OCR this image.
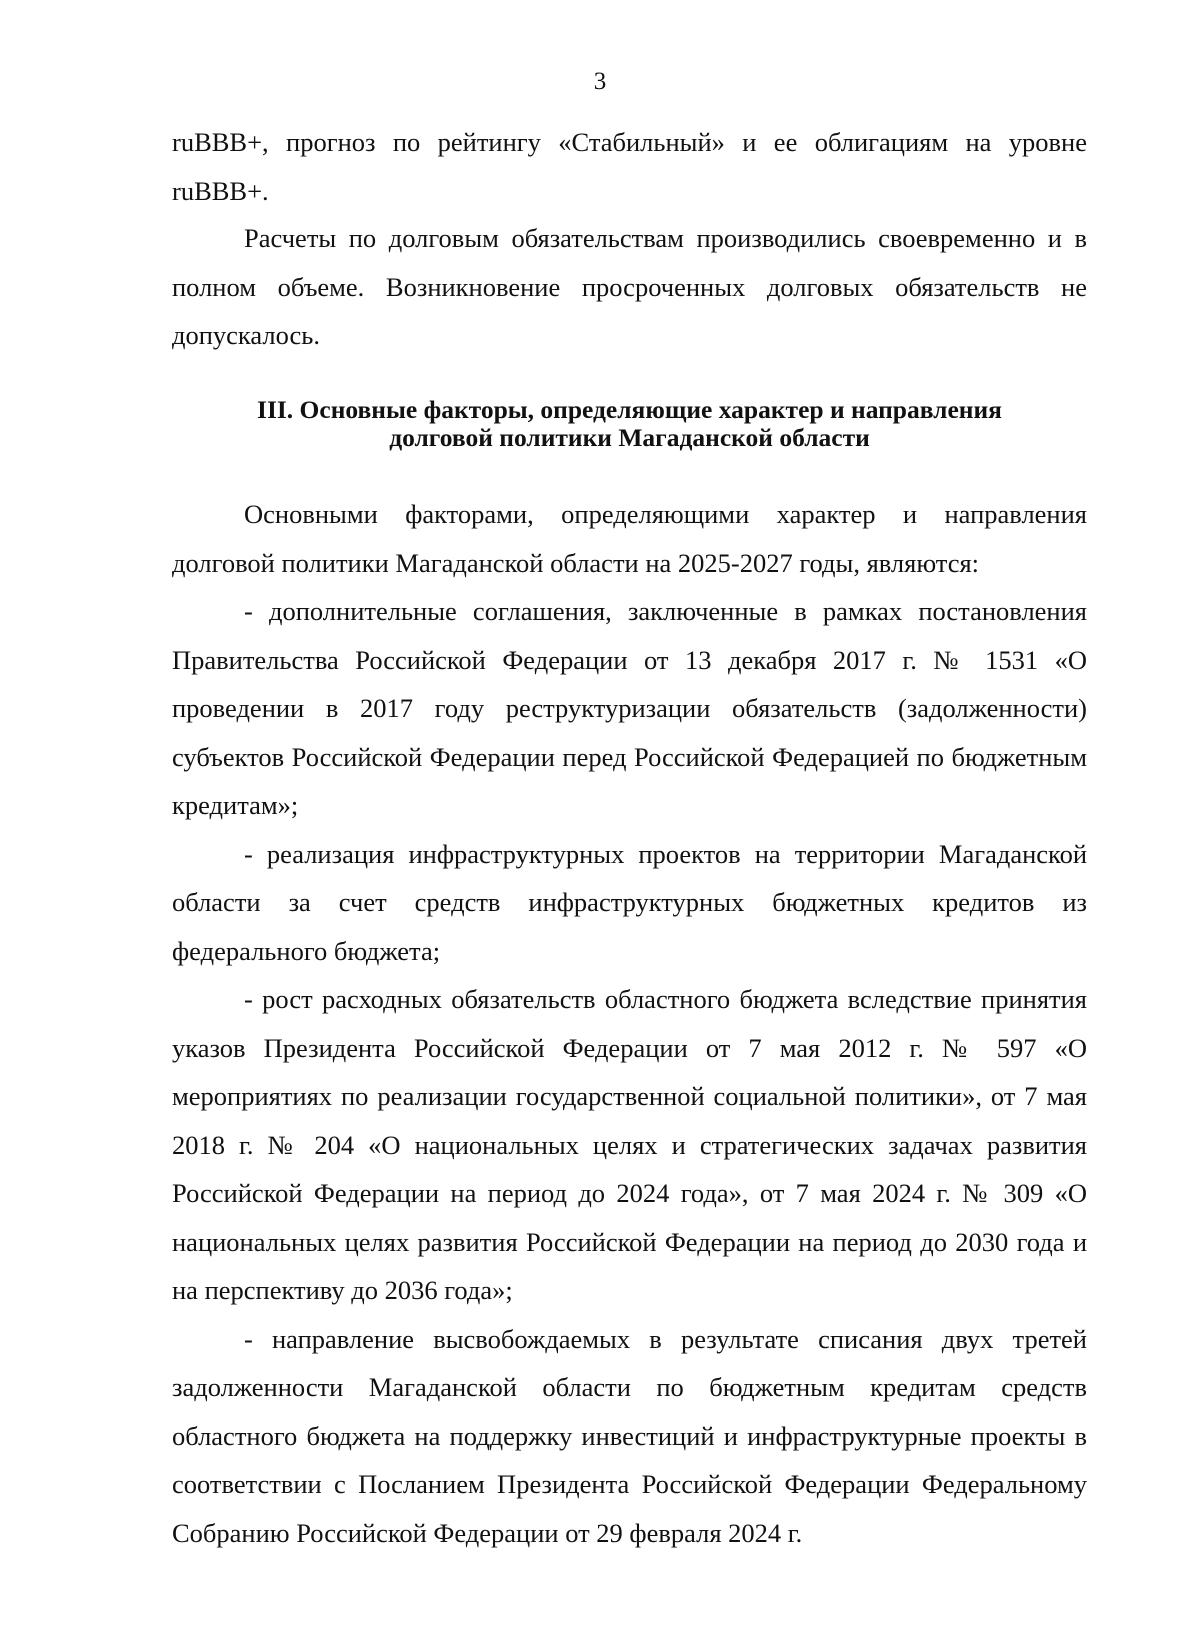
3

ruBBB+, прогноз по рейтингу «Стабильный» и ее облигациям на уровне ruBBB+.

Расчеты по долговым обязательствам производились своевременно и в полном объеме. Возникновение просроченных долговых обязательств не допускалось.

III. Основные факторы, определяющие характер и направления
долговой политики Магаданской области

Основными факторами, определяющими характер и направления долговой политики Магаданской области на 2025-2027 годы, являются:

- дополнительные соглашения, заключенные в рамках постановления Правительства Российской Федерации от 13 декабря 2017 г. № 1531 «О проведении в 2017 году реструктуризации обязательств (задолженности) субъектов Российской Федерации перед Российской Федерацией по бюджетным кредитам»;

- реализация инфраструктурных проектов на территории Магаданской области за счет средств инфраструктурных бюджетных кредитов из федерального бюджета;

- рост расходных обязательств областного бюджета вследствие принятия указов Президента Российской Федерации от 7 мая 2012 г. № 597 «О мероприятиях по реализации государственной социальной политики», от 7 мая 2018 г. № 204 «О национальных целях и стратегических задачах развития Российской Федерации на период до 2024 года», от 7 мая 2024 г. № 309 «О национальных целях развития Российской Федерации на период до 2030 года и на перспективу до 2036 года»;

- направление высвобождаемых в результате списания двух третей задолженности Магаданской области по бюджетным кредитам средств областного бюджета на поддержку инвестиций и инфраструктурные проекты в соответствии с Посланием Президента Российской Федерации Федеральному Собранию Российской Федерации от 29 февраля 2024 г.
